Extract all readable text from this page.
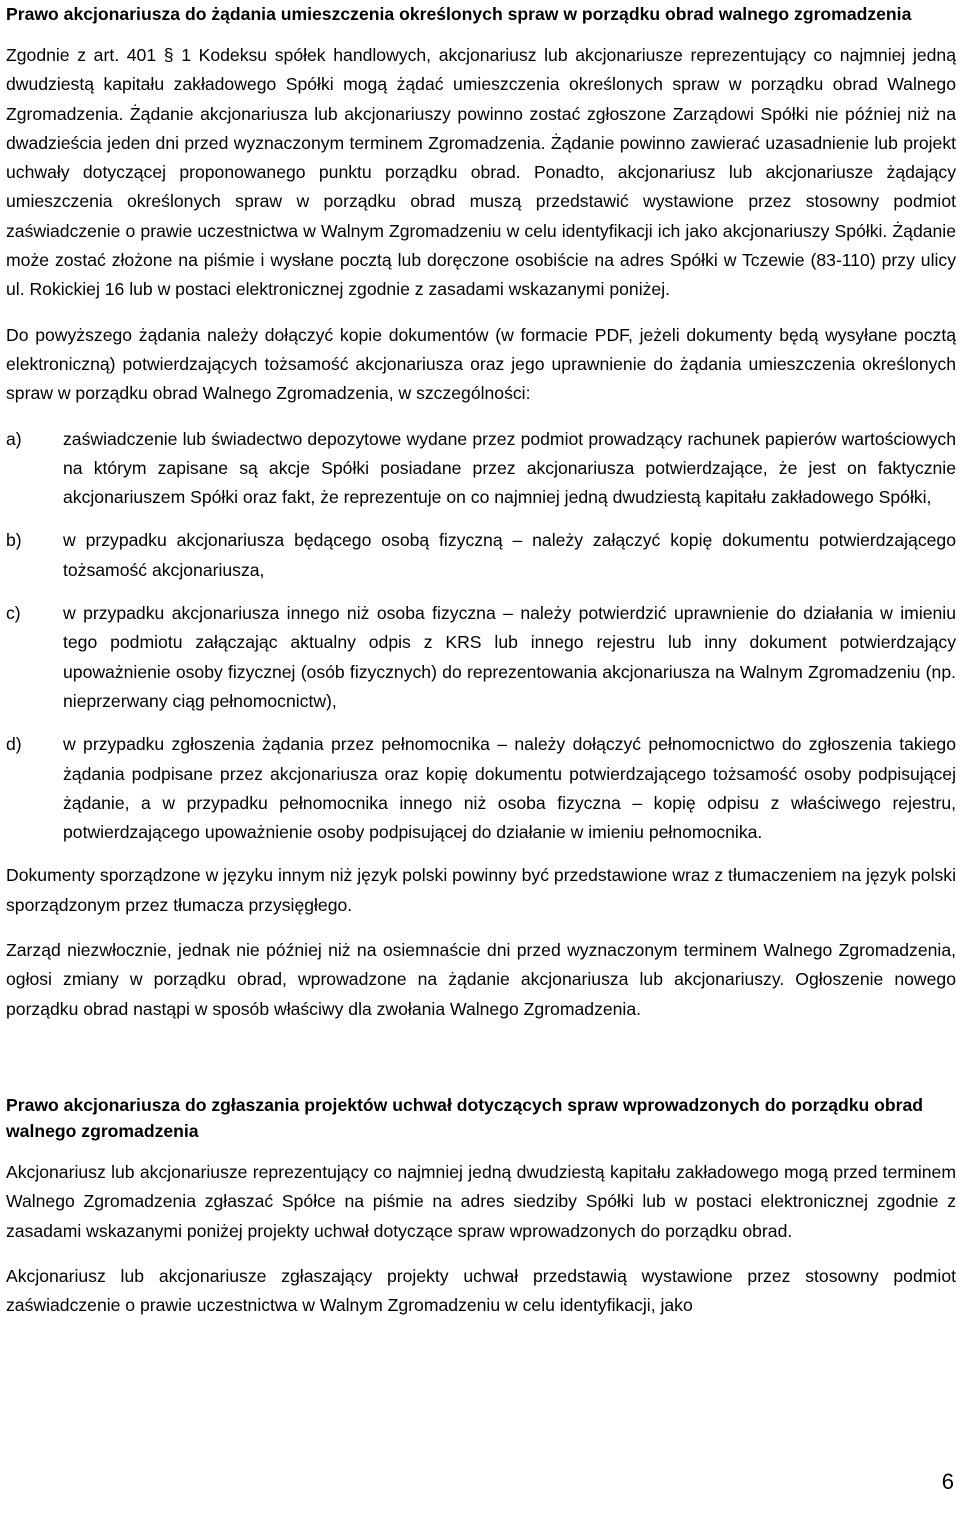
Prawo akcjonariusza do żądania umieszczenia określonych spraw w porządku obrad walnego zgromadzenia

Zgodnie z art. 401 § 1 Kodeksu spółek handlowych, akcjonariusz lub akcjonariusze reprezentujący co najmniej jedną dwudziestą kapitału zakładowego Spółki mogą żądać umieszczenia określonych spraw w porządku obrad Walnego Zgromadzenia. Żądanie akcjonariusza lub akcjonariuszy powinno zostać zgłoszone Zarządowi Spółki nie później niż na dwadzieścia jeden dni przed wyznaczonym terminem Zgromadzenia. Żądanie powinno zawierać uzasadnienie lub projekt uchwały dotyczącej proponowanego punktu porządku obrad. Ponadto, akcjonariusz lub akcjonariusze żądający umieszczenia określonych spraw w porządku obrad muszą przedstawić wystawione przez stosowny podmiot zaświadczenie o prawie uczestnictwa w Walnym Zgromadzeniu w celu identyfikacji ich jako akcjonariuszy Spółki. Żądanie może zostać złożone na piśmie i wysłane pocztą lub doręczone osobiście na adres Spółki w Tczewie (83-110) przy ulicy ul. Rokickiej 16 lub w postaci elektronicznej zgodnie z zasadami wskazanymi poniżej.

Do powyższego żądania należy dołączyć kopie dokumentów (w formacie PDF, jeżeli dokumenty będą wysyłane pocztą elektroniczną) potwierdzających tożsamość akcjonariusza oraz jego uprawnienie do żądania umieszczenia określonych spraw w porządku obrad Walnego Zgromadzenia, w szczególności:

a) zaświadczenie lub świadectwo depozytowe wydane przez podmiot prowadzący rachunek papierów wartościowych na którym zapisane są akcje Spółki posiadane przez akcjonariusza potwierdzające, że jest on faktycznie akcjonariuszem Spółki oraz fakt, że reprezentuje on co najmniej jedną dwudziestą kapitału zakładowego Spółki,
b) w przypadku akcjonariusza będącego osobą fizyczną – należy załączyć kopię dokumentu potwierdzającego tożsamość akcjonariusza,
c) w przypadku akcjonariusza innego niż osoba fizyczna – należy potwierdzić uprawnienie do działania w imieniu tego podmiotu załączając aktualny odpis z KRS lub innego rejestru lub inny dokument potwierdzający upoważnienie osoby fizycznej (osób fizycznych) do reprezentowania akcjonariusza na Walnym Zgromadzeniu (np. nieprzerwany ciąg pełnomocnictw),
d) w przypadku zgłoszenia żądania przez pełnomocnika – należy dołączyć pełnomocnictwo do zgłoszenia takiego żądania podpisane przez akcjonariusza oraz kopię dokumentu potwierdzającego tożsamość osoby podpisującej żądanie, a w przypadku pełnomocnika innego niż osoba fizyczna – kopię odpisu z właściwego rejestru, potwierdzającego upoważnienie osoby podpisującej do działanie w imieniu pełnomocnika.

Dokumenty sporządzone w języku innym niż język polski powinny być przedstawione wraz z tłumaczeniem na język polski sporządzonym przez tłumacza przysięgłego.

Zarząd niezwłocznie, jednak nie później niż na osiemnaście dni przed wyznaczonym terminem Walnego Zgromadzenia, ogłosi zmiany w porządku obrad, wprowadzone na żądanie akcjonariusza lub akcjonariuszy. Ogłoszenie nowego porządku obrad nastąpi w sposób właściwy dla zwołania Walnego Zgromadzenia.

Prawo akcjonariusza do zgłaszania projektów uchwał dotyczących spraw wprowadzonych do porządku obrad walnego zgromadzenia

Akcjonariusz lub akcjonariusze reprezentujący co najmniej jedną dwudziestą kapitału zakładowego mogą przed terminem Walnego Zgromadzenia zgłaszać Spółce na piśmie na adres siedziby Spółki lub w postaci elektronicznej zgodnie z zasadami wskazanymi poniżej projekty uchwał dotyczące spraw wprowadzonych do porządku obrad.

Akcjonariusz lub akcjonariusze zgłaszający projekty uchwał przedstawią wystawione przez stosowny podmiot zaświadczenie o prawie uczestnictwa w Walnym Zgromadzeniu w celu identyfikacji, jako

6
